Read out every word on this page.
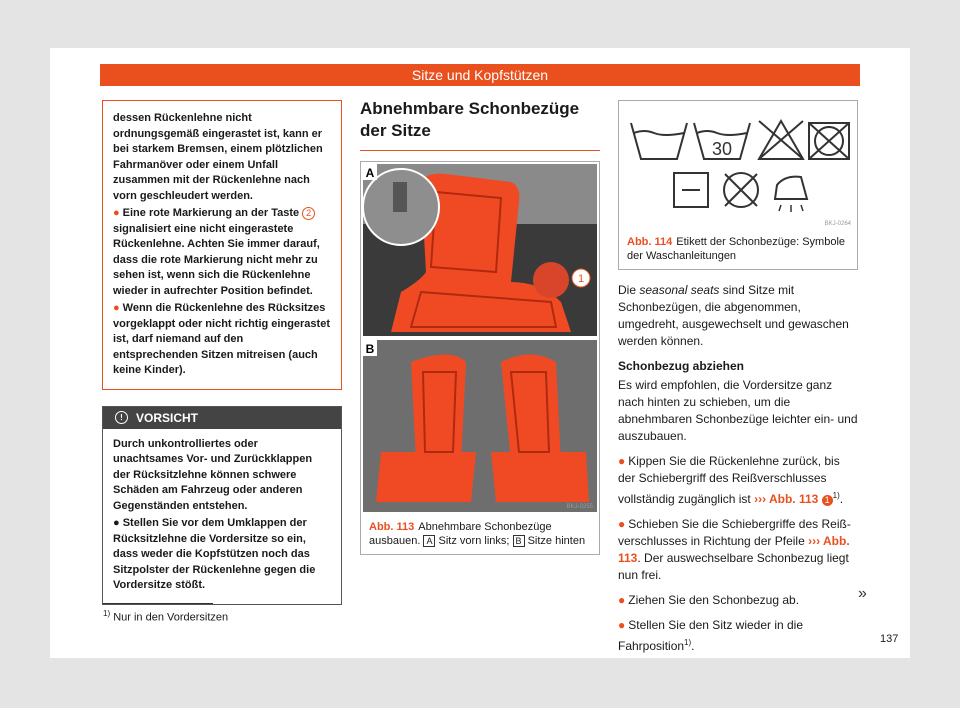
Sitze und Kopfstützen

dessen Rückenlehne nicht ordnungsgemäß eingerastet ist, kann er bei starkem Bremsen, einem plötzlichen Fahrmanöver oder einem Unfall zusammen mit der Rückenlehne nach vorn geschleudert werden.

● Eine rote Markierung an der Taste 2 signalisiert eine nicht eingerastete Rückenlehne. Achten Sie immer darauf, dass die rote Markierung nicht mehr zu sehen ist, wenn sich die Rückenlehne wieder in aufrechter Position befindet.

● Wenn die Rückenlehne des Rücksitzes vorgeklappt oder nicht richtig eingerastet ist, darf niemand auf den entsprechenden Sitzen mitreisen (auch keine Kinder).

!	VORSICHT

Durch unkontrolliertes oder unachtsames Vor- und Zurückklappen der Rücksitzlehne können schwere Schäden am Fahrzeug oder anderen Gegenständen entstehen.

● Stellen Sie vor dem Umklappen der Rücksitzlehne die Vordersitze so ein, dass weder die Kopfstützen noch das Sitzpolster der Rückenlehne gegen die Vordersitze stößt.

Abnehmbare Schonbezüge der Sitze
1
A
B
BKJ-0255
Abb. 113 Abnehmbare Schonbezüge ausbauen. A Sitz vorn links; B Sitze hinten
30
BKJ-0264
Abb. 114 Etikett der Schonbezüge: Symbole der Waschanleitungen

Die seasonal seats sind Sitze mit Schonbezügen, die abgenommen, umgedreht, ausgewechselt und gewaschen werden können.

Schonbezug abziehen

Es wird empfohlen, die Vordersitze ganz nach hinten zu schieben, um die abnehmbaren Schonbezüge leichter ein- und auszubauen.

● Kippen Sie die Rückenlehne zurück, bis der Schiebergriff des Reißverschlusses vollständig zugänglich ist ››› Abb. 113 1 $^{1)}$.

● Schieben Sie die Schiebergriffe des Reißverschlusses in Richtung der Pfeile ››› Abb. 113. Der auswechselbare Schonbezug liegt nun frei.

● Ziehen Sie den Schonbezug ab.

● Stellen Sie den Sitz wieder in die Fahrposition$^{1)}$.

»
$^{1)}$ Nur in den Vordersitzen
137
